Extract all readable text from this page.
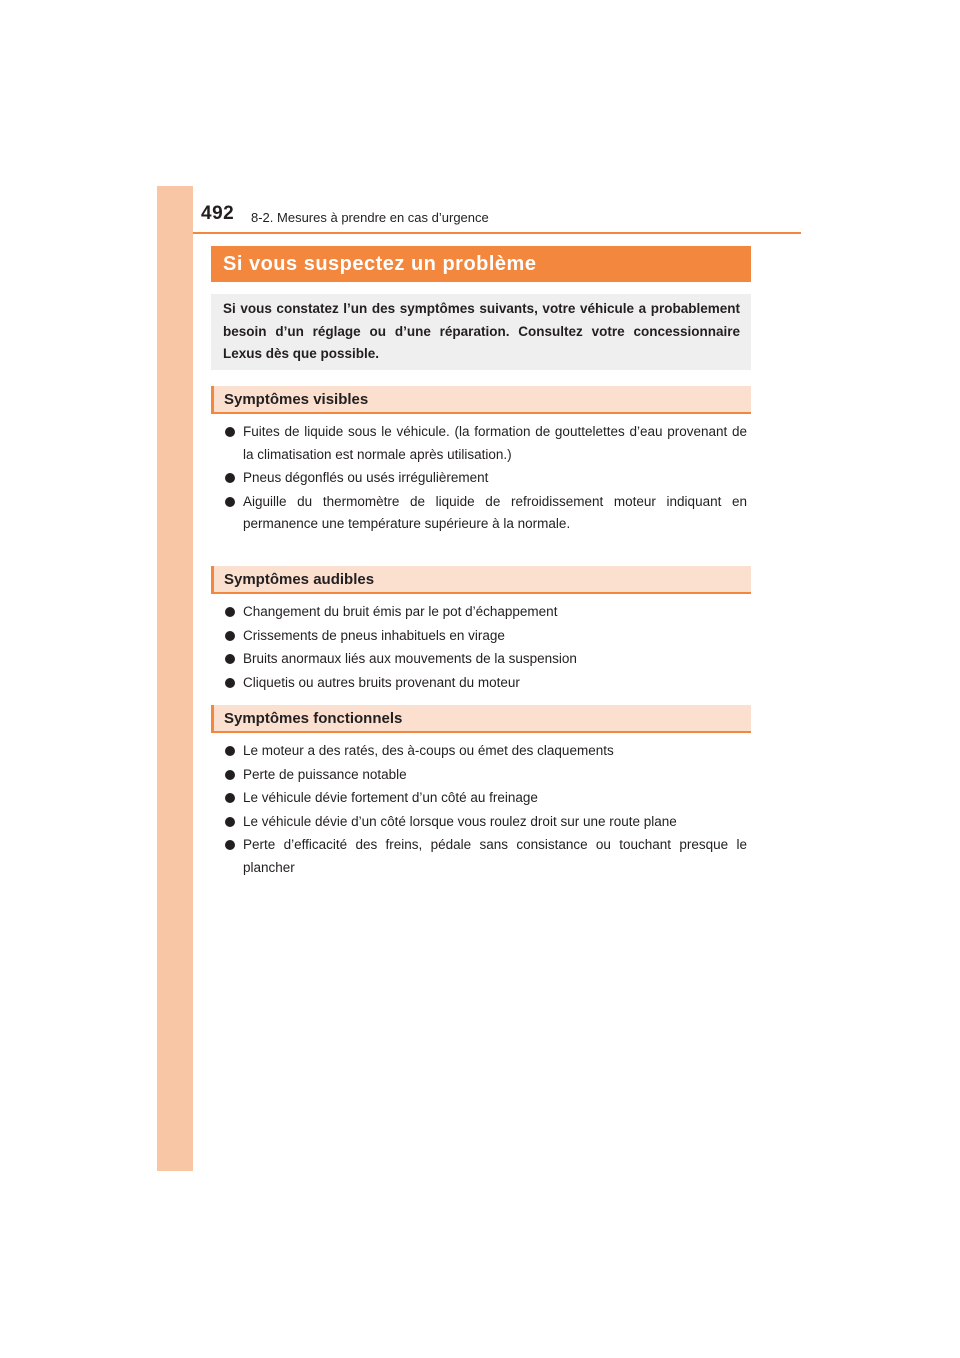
492 8-2. Mesures à prendre en cas d’urgence
Si vous suspectez un problème

Si vous constatez l’un des symptômes suivants, votre véhicule a probablement besoin d’un réglage ou d’une réparation. Consultez votre concessionnaire Lexus dès que possible.

Symptômes visibles
Fuites de liquide sous le véhicule. (la formation de gouttelettes d’eau provenant de la climatisation est normale après utilisation.)
Pneus dégonflés ou usés irrégulièrement
Aiguille du thermomètre de liquide de refroidissement moteur indiquant en permanence une température supérieure à la normale.
Symptômes audibles
Changement du bruit émis par le pot d’échappement
Crissements de pneus inhabituels en virage
Bruits anormaux liés aux mouvements de la suspension
Cliquetis ou autres bruits provenant du moteur
Symptômes fonctionnels
Le moteur a des ratés, des à-coups ou émet des claquements
Perte de puissance notable
Le véhicule dévie fortement d’un côté au freinage
Le véhicule dévie d’un côté lorsque vous roulez droit sur une route plane
Perte d’efficacité des freins, pédale sans consistance ou touchant presque le plancher
